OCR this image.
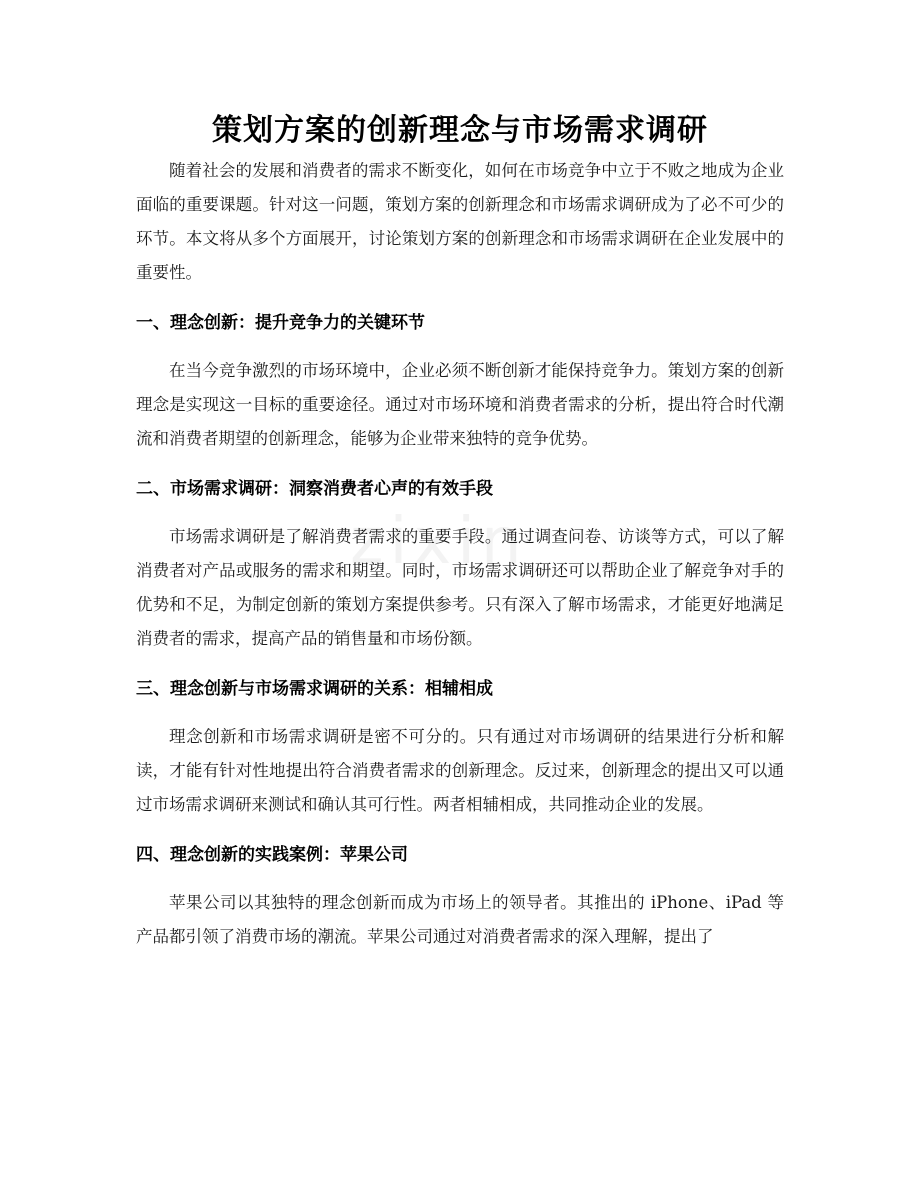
zixin
策划方案的创新理念与市场需求调研

随着社会的发展和消费者的需求不断变化，如何在市场竞争中立于不败之地成为企业面临的重要课题。针对这一问题，策划方案的创新理念和市场需求调研成为了必不可少的环节。本文将从多个方面展开，讨论策划方案的创新理念和市场需求调研在企业发展中的重要性。

一、理念创新：提升竞争力的关键环节

在当今竞争激烈的市场环境中，企业必须不断创新才能保持竞争力。策划方案的创新理念是实现这一目标的重要途径。通过对市场环境和消费者需求的分析，提出符合时代潮流和消费者期望的创新理念，能够为企业带来独特的竞争优势。

二、市场需求调研：洞察消费者心声的有效手段

市场需求调研是了解消费者需求的重要手段。通过调查问卷、访谈等方式，可以了解消费者对产品或服务的需求和期望。同时，市场需求调研还可以帮助企业了解竞争对手的优势和不足，为制定创新的策划方案提供参考。只有深入了解市场需求，才能更好地满足消费者的需求，提高产品的销售量和市场份额。

三、理念创新与市场需求调研的关系：相辅相成

理念创新和市场需求调研是密不可分的。只有通过对市场调研的结果进行分析和解读，才能有针对性地提出符合消费者需求的创新理念。反过来，创新理念的提出又可以通过市场需求调研来测试和确认其可行性。两者相辅相成，共同推动企业的发展。

四、理念创新的实践案例：苹果公司

苹果公司以其独特的理念创新而成为市场上的领导者。其推出的 iPhone、iPad 等产品都引领了消费市场的潮流。苹果公司通过对消费者需求的深入理解，提出了
